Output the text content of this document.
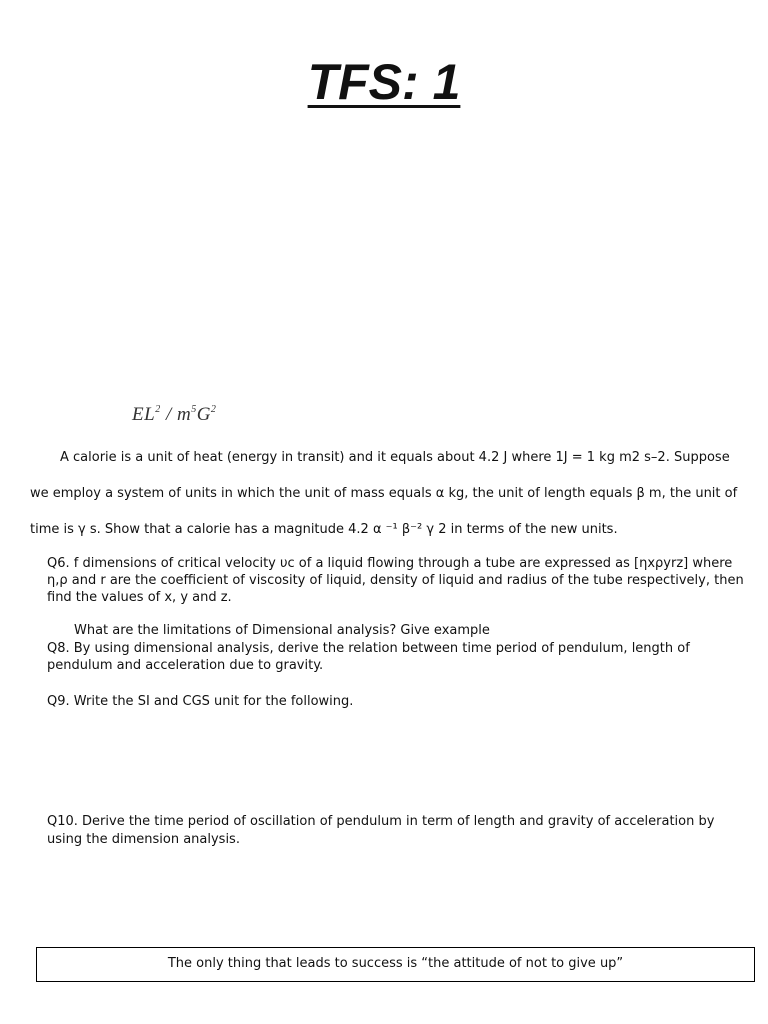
TFS: 1
$EL^2 / m^5G^2$

A calorie is a unit of heat (energy in transit) and it equals about 4.2 J where 1J = 1 kg m2 s–2. Suppose

we employ a system of units in which the unit of mass equals α kg, the unit of length equals β m, the unit of

time is γ s. Show that a calorie has a magnitude 4.2 α ⁻¹ β⁻² γ 2 in terms of the new units.

Q6. f dimensions of critical velocity υc of a liquid flowing through a tube are expressed as [ηxρyrz] where

η,ρ and r are the coefficient of viscosity of liquid, density of liquid and radius of the tube respectively, then

find the values of x, y and z.

What are the limitations of Dimensional analysis? Give example

Q8. By using dimensional analysis, derive the relation between time period of pendulum, length of

pendulum and acceleration due to gravity.

Q9. Write the SI and CGS unit for the following.

Q10. Derive the time period of oscillation of pendulum in term of length and gravity of acceleration by

using the dimension analysis.

The only thing that leads to success is “the attitude of not to give up”
